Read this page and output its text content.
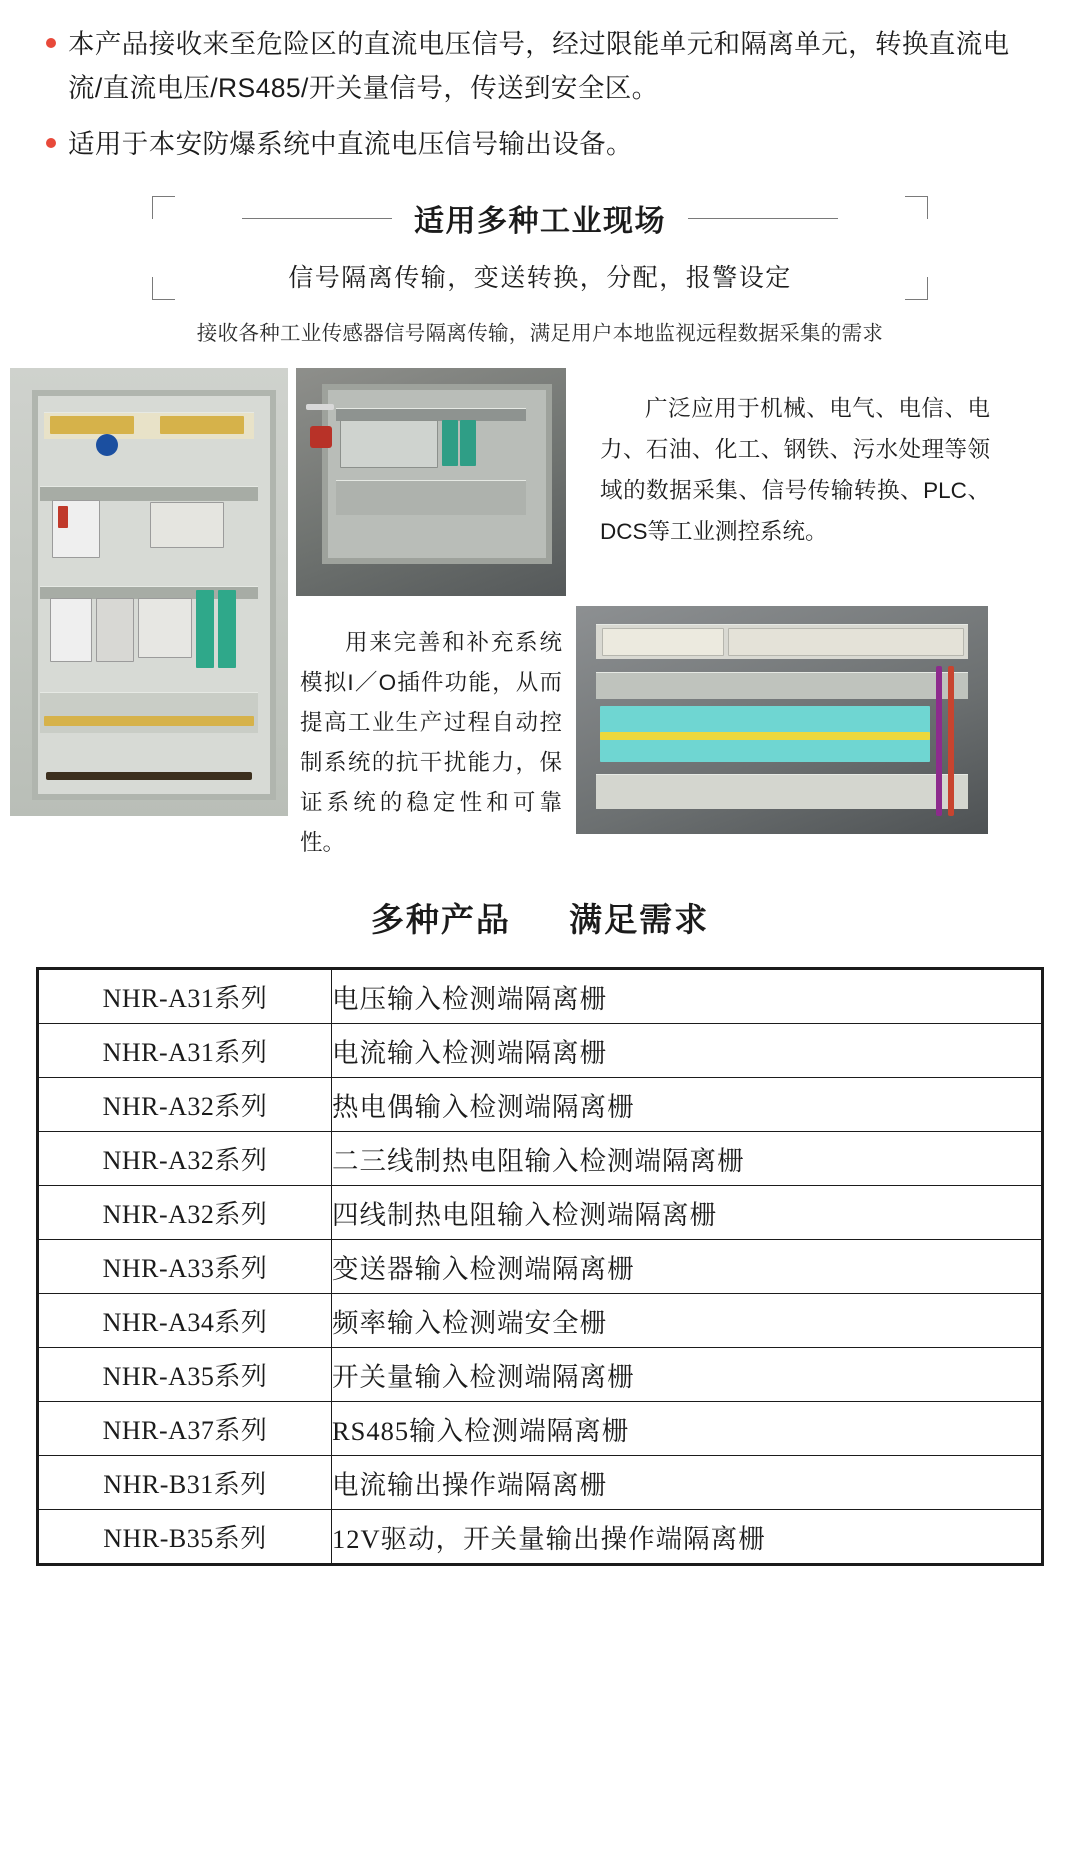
本产品接收来至危险区的直流电压信号，经过限能单元和隔离单元，转换直流电流/直流电压/RS485/开关量信号，传送到安全区。
适用于本安防爆系统中直流电压信号输出设备。
适用多种工业现场
信号隔离传输，变送转换，分配，报警设定
接收各种工业传感器信号隔离传输，满足用户本地监视远程数据采集的需求
广泛应用于机械、电气、电信、电力、石油、化工、钢铁、污水处理等领域的数据采集、信号传输转换、PLC、DCS等工业测控系统。
用来完善和补充系统模拟I／O插件功能，从而提高工业生产过程自动控制系统的抗干扰能力，保证系统的稳定性和可靠性。
多种产品 满足需求
NHR-A31系列	电压输入检测端隔离栅
NHR-A31系列	电流输入检测端隔离栅
NHR-A32系列	热电偶输入检测端隔离栅
NHR-A32系列	二三线制热电阻输入检测端隔离栅
NHR-A32系列	四线制热电阻输入检测端隔离栅
NHR-A33系列	变送器输入检测端隔离栅
NHR-A34系列	频率输入检测端安全栅
NHR-A35系列	开关量输入检测端隔离栅
NHR-A37系列	RS485输入检测端隔离栅
NHR-B31系列	电流输出操作端隔离栅
NHR-B35系列	12V驱动，开关量输出操作端隔离栅
